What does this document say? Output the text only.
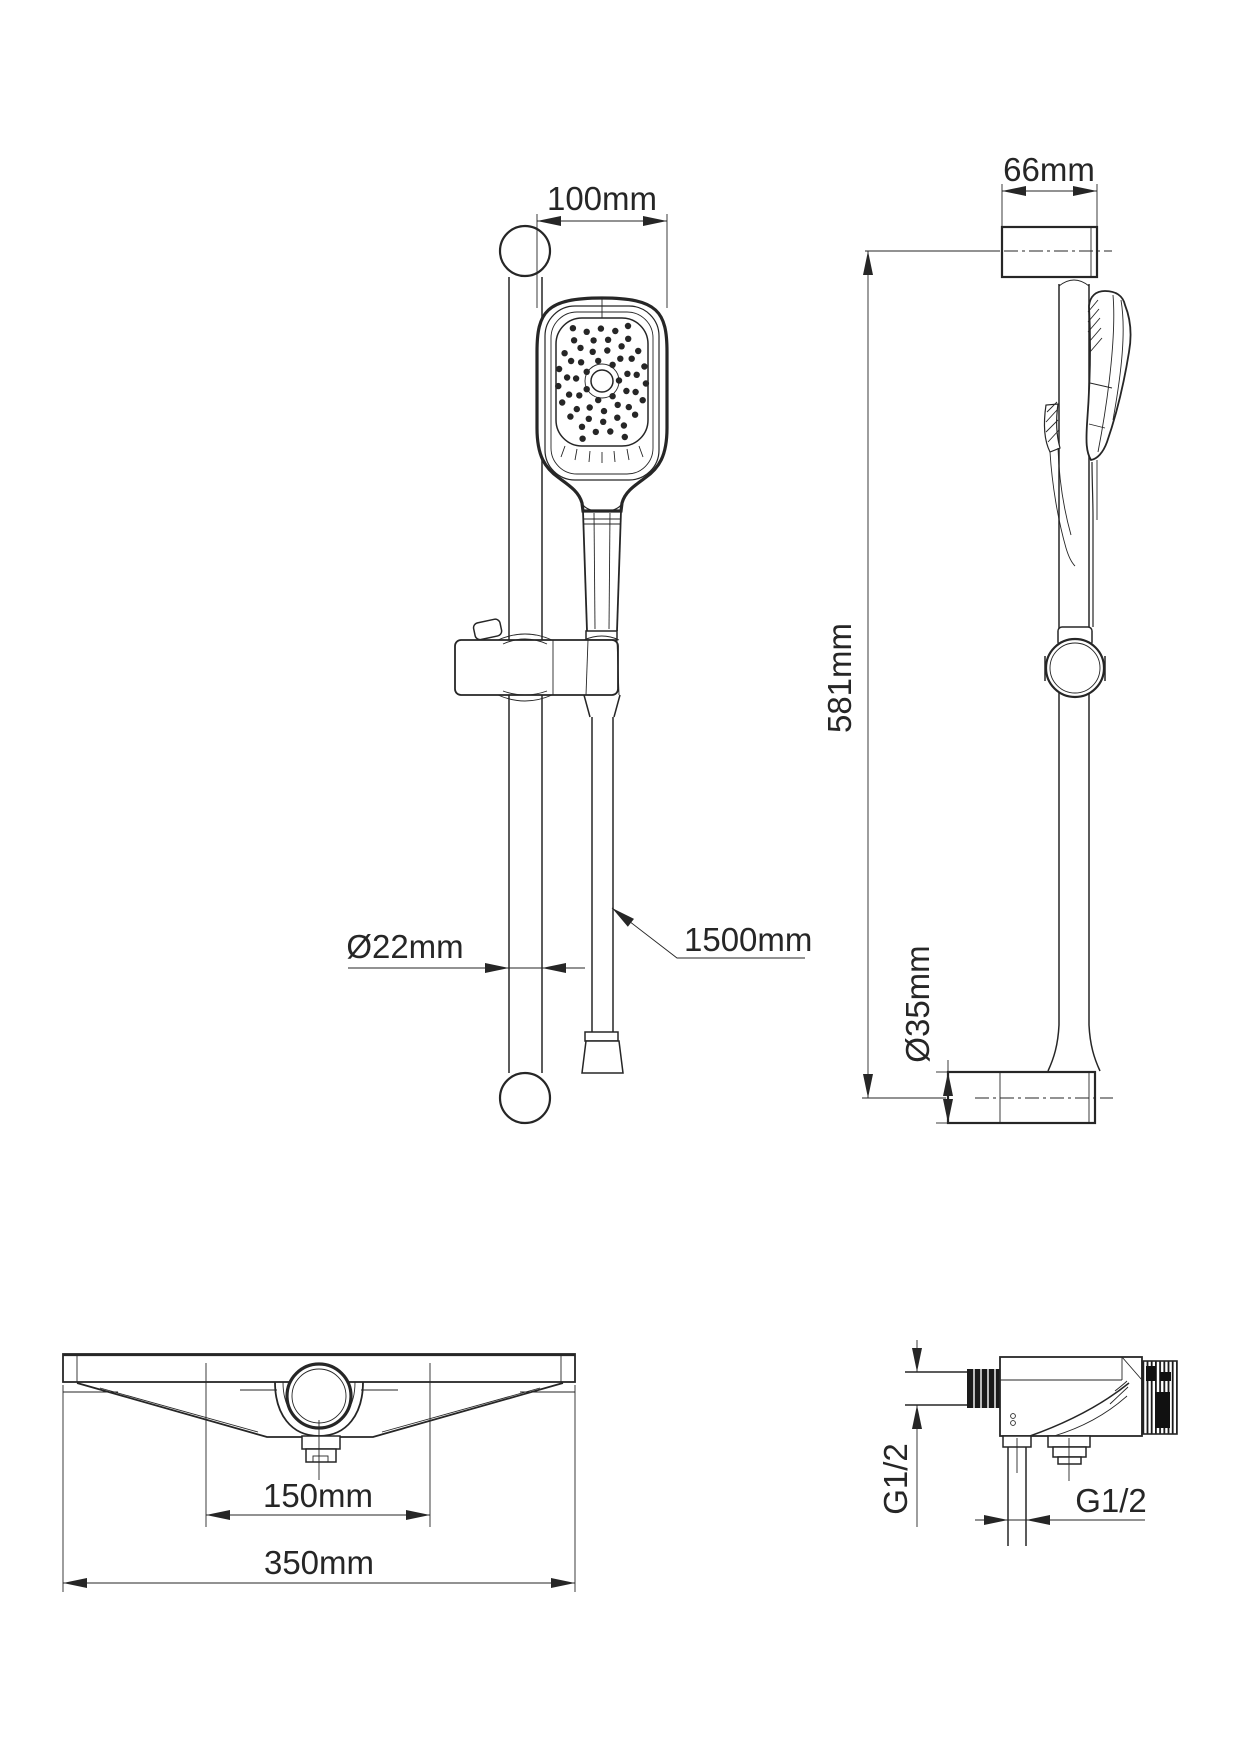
100mm
Ø22mm	1500mm
66mm
581mm
Ø35mm
150mm
350mm
G1/2	G1/2
